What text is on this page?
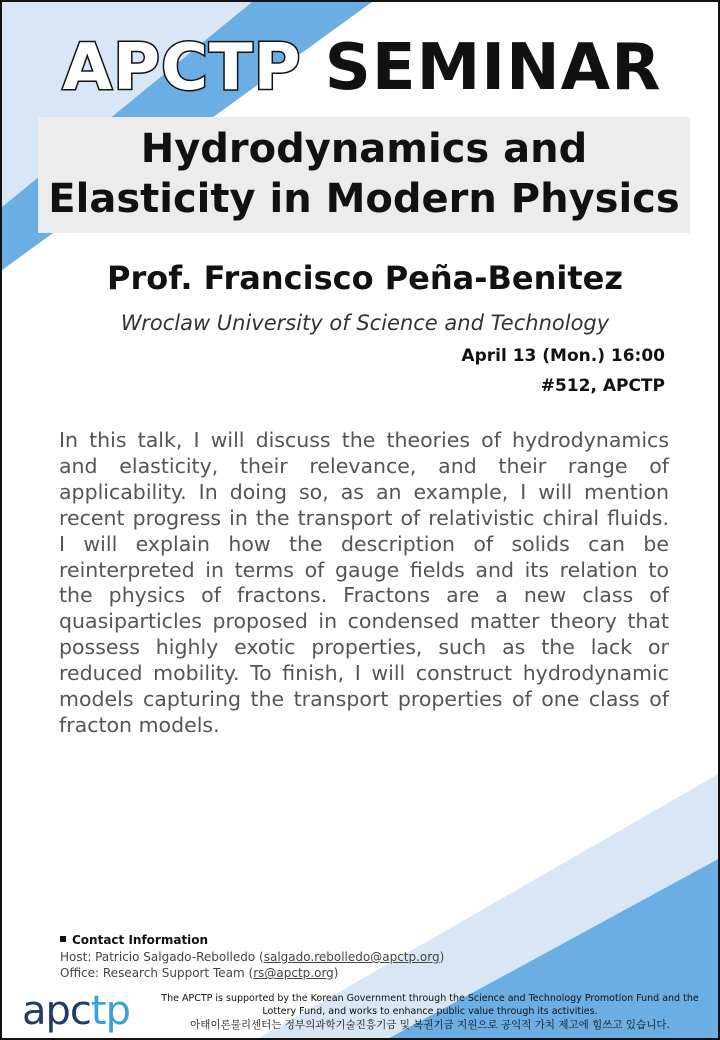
APCTP SEMINAR
Hydrodynamics and
Elasticity in Modern Physics
Prof. Francisco Peña-Benitez
Wroclaw University of Science and Technology
April 13 (Mon.) 16:00
#512, APCTP

In this talk, I will discuss the theories of hydrodynamics and elasticity, their relevance, and their range of applicability. In doing so, as an example, I will mention recent progress in the transport of relativistic chiral fluids. I will explain how the description of solids can be reinterpreted in terms of gauge fields and its relation to the physics of fractons. Fractons are a new class of quasiparticles proposed in condensed matter theory that possess highly exotic properties, such as the lack or reduced mobility. To finish, I will construct hydrodynamic models capturing the transport properties of one class of fracton models.

Contact Information
Host: Patricio Salgado-Rebolledo (salgado.rebolledo@apctp.org)
Office: Research Support Team (rs@apctp.org)
apctp	The APCTP is supported by the Korean Government through the Science and Technology Promotion Fund and the Lottery Fund, and works to enhance public value through its activities.
아태이론물리센터는 정부의과학기술진흥기금 및 복권기금 지원으로 공익적 가치 제고에 힘쓰고 있습니다.
